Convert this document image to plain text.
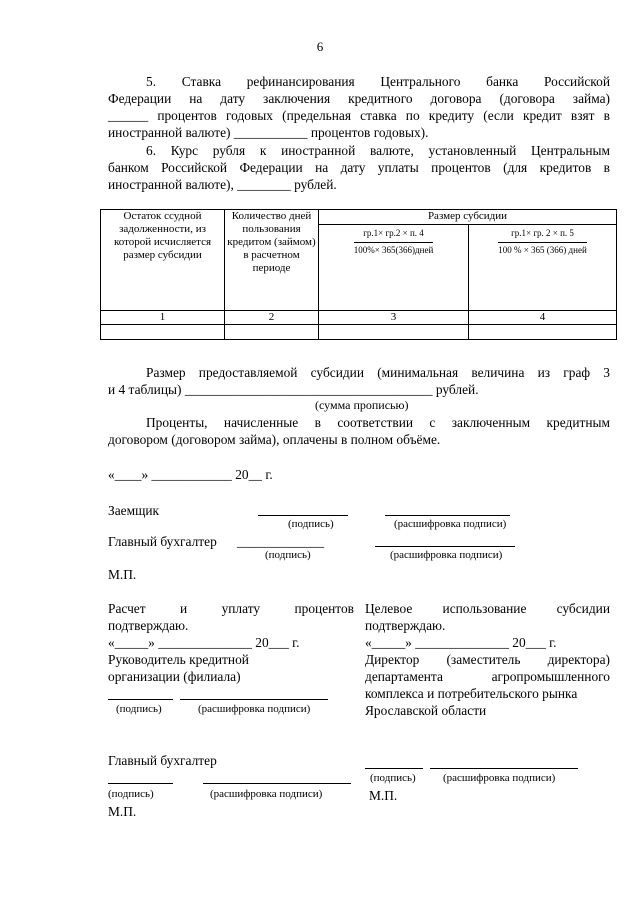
6
5. Ставка рефинансирования Центрального банка Российской
Федерации на дату заключения кредитного договора (договора займа)
______ процентов годовых (предельная ставка по кредиту (если кредит взят в
иностранной валюте) ___________ процентов годовых).
6. Курс рубля к иностранной валюте, установленный Центральным
банком Российской Федерации на дату уплаты процентов (для кредитов в
иностранной валюте), ________ рублей.
Остаток ссудной задолженности, из которой исчисляется размер субсидии	Количество дней пользования кредитом (займом) в расчетном периоде	Размер субсидии	

		$\frac{гр.1\times гр.2 \times п. 4}{\text{100\%× 365(366)дней}}$	$\frac{гр.1\times гр. 2 \times п. 5}{\text{100 \% × 365 (366) дней}}$

1	2	3	4

Размер предоставляемой субсидии (минимальная величина из граф 3
и 4 таблицы) _____________________________________ рублей.
(сумма прописью)
Проценты, начисленные в соответствии с заключенным кредитным
договором (договором займа), оплачены в полном объёме.
«____» ____________ 20__ г.
Заемщик
(подпись)	(расшифровка подписи)
Главный бухгалтер _____________
(подпись)	(расшифровка подписи)
М.П.
Расчет	и	уплату	процентов
подтверждаю.
«_____» ______________ 20___ г.
Руководитель кредитной
организации (филиала)
(подпись)	(расшифровка подписи)
Целевое использование субсидии
подтверждаю.
«_____» ______________ 20___ г.
Директор (заместитель директора)
департамента	агропромышленного
комплекса и потребительского рынка
Ярославской области
(подпись) (расшифровка подписи)
М.П.
Главный бухгалтер
(подпись)	(расшифровка подписи)
М.П.
